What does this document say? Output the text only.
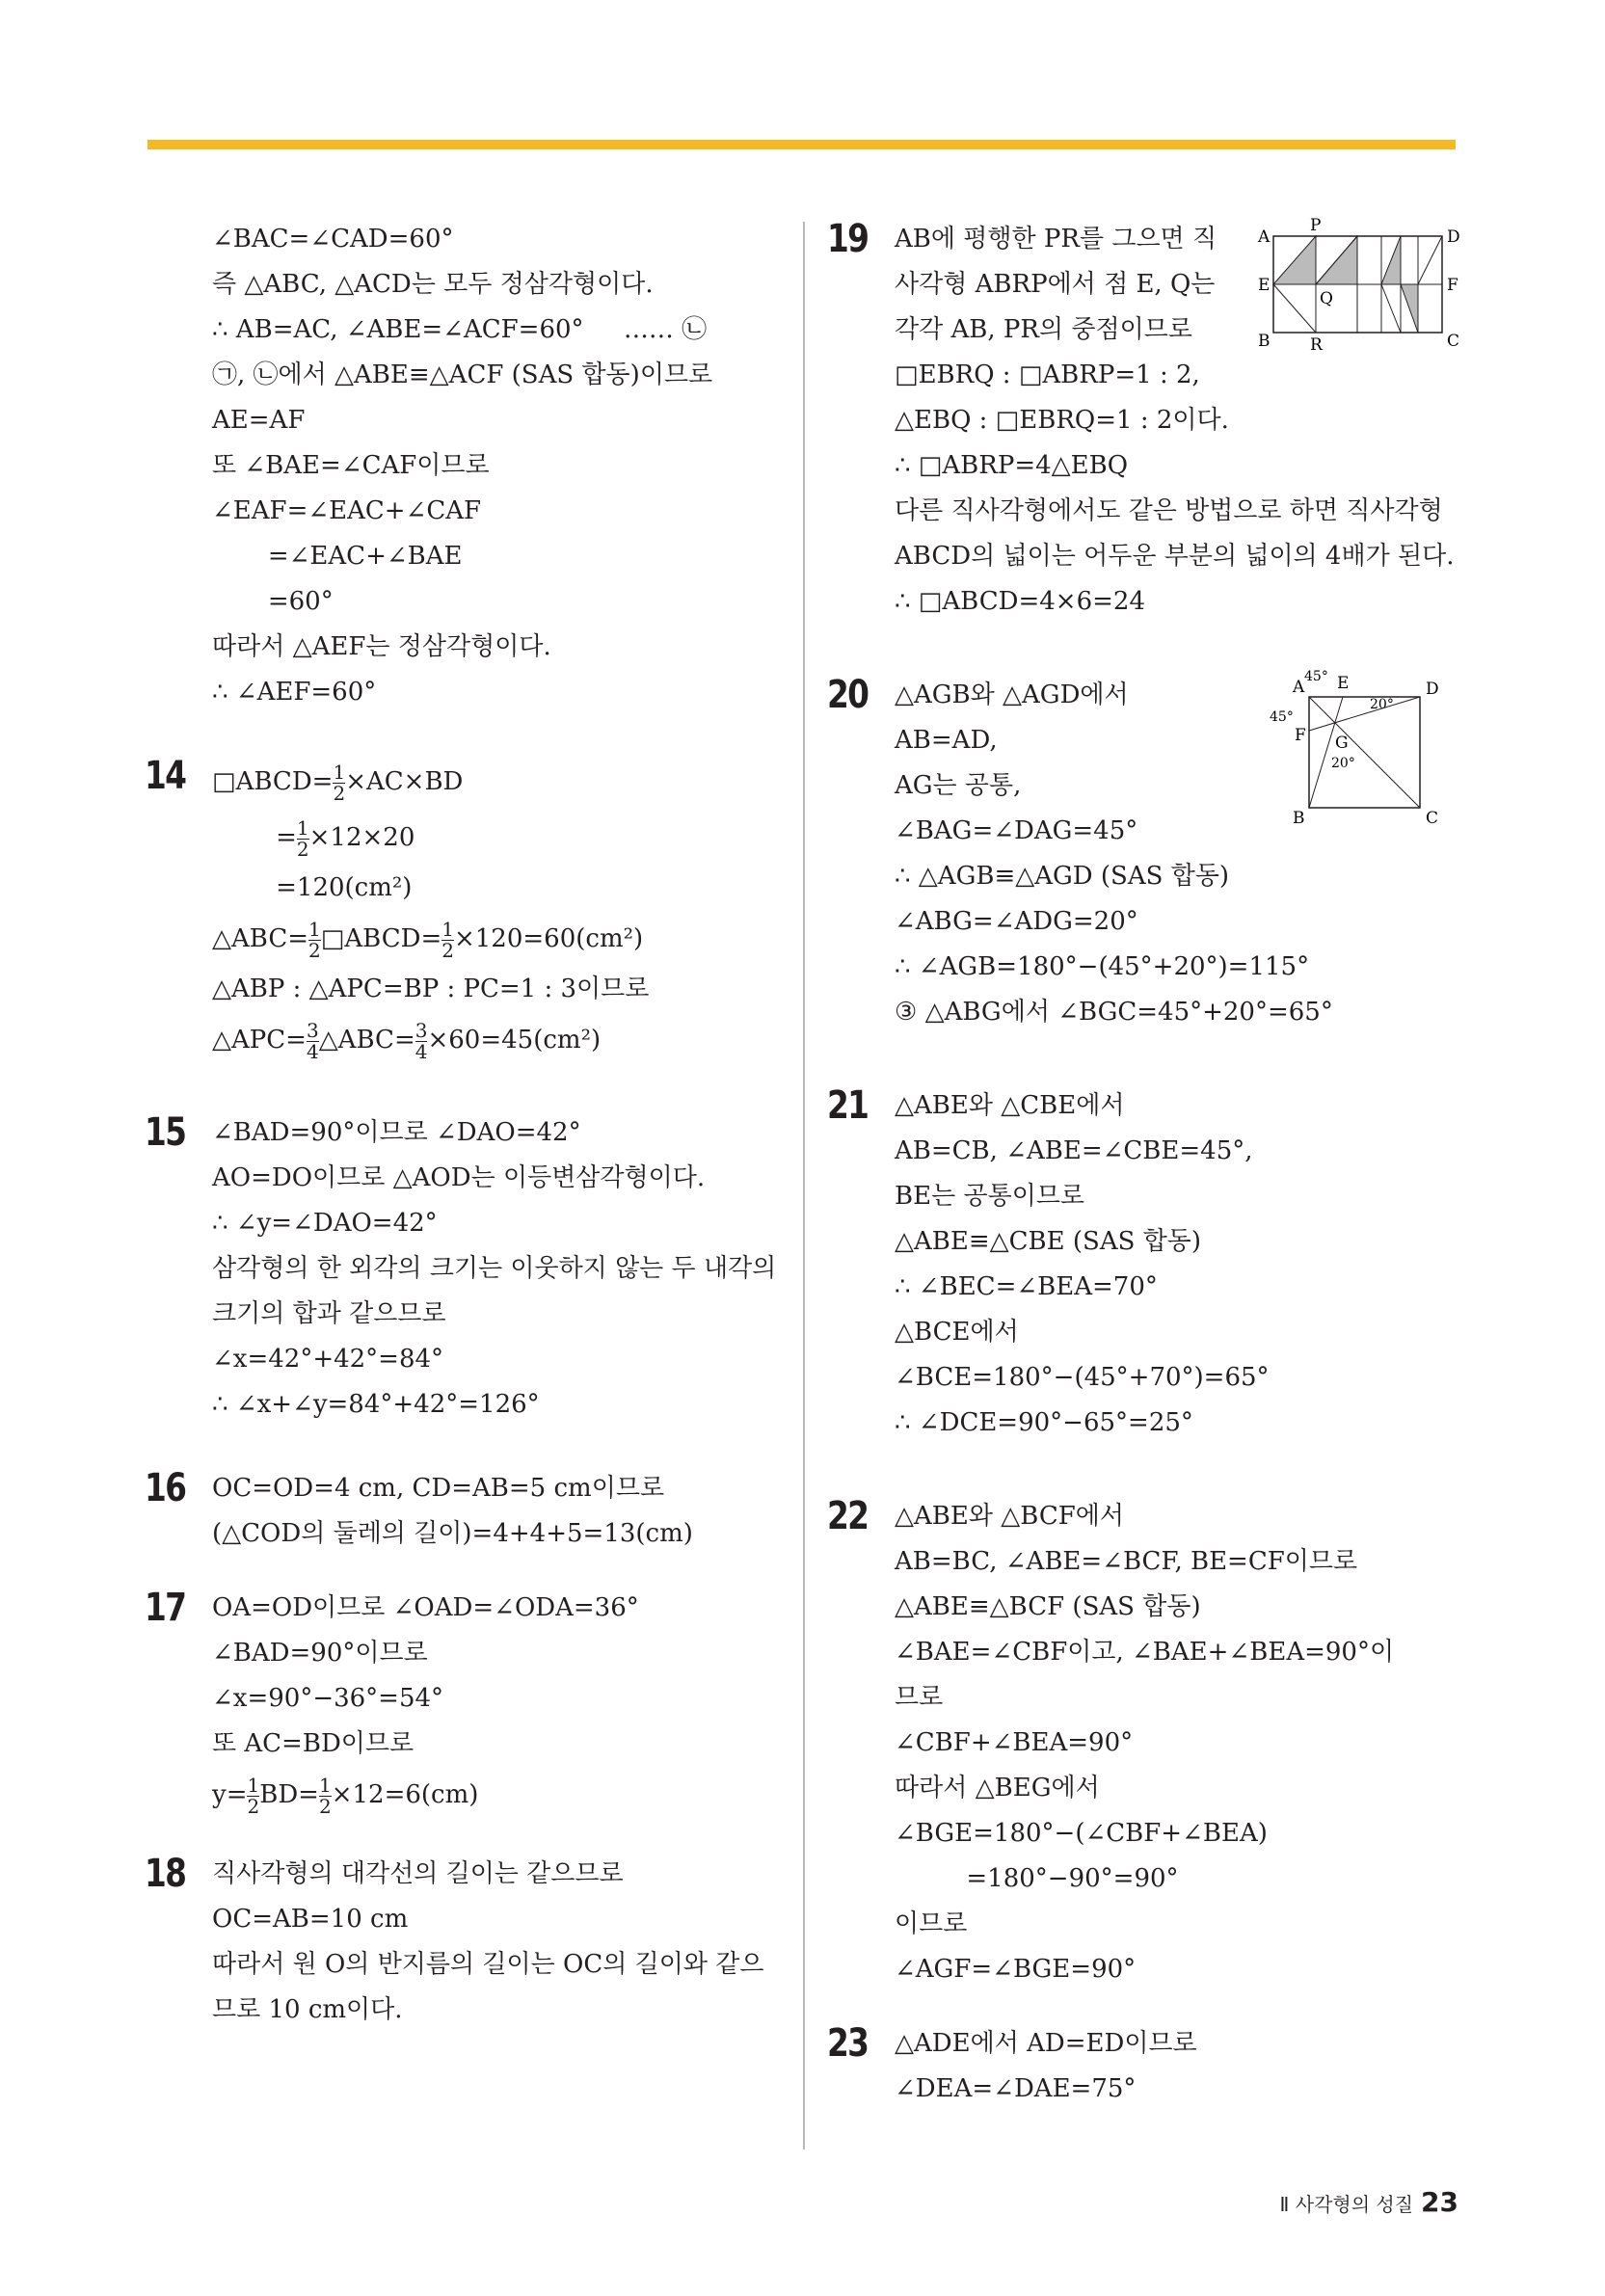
∠BAC=∠CAD=60°
즉 △ABC, △ACD는 모두 정삼각형이다.
∴ AB=AC, ∠ABE=∠ACF=60°     …… ㉡
㉠, ㉡에서 △ABE≡△ACF (SAS 합동)이므로
AE=AF
또 ∠BAE=∠CAF이므로
∠EAF=∠EAC+∠CAF
=∠EAC+∠BAE
=60°
따라서 △AEF는 정삼각형이다.
∴ ∠AEF=60°
14 □ABCD= $\frac{1}{2} \times AC\times BD$
= $\frac{1}{2} \times 12\times 20$
=120(cm²)
△ABC= $\frac{1}{2}$ □ABCD= $\frac{1}{2} \times 120=60(cm^2)$
△ABP : △APC=BP : PC=1 : 3이므로
△APC= $\frac{3}{4}$ △ABC= $\frac{3}{4} \times 60=45(cm^2)$
15 ∠BAD=90°이므로 ∠DAO=42°
AO=DO이므로 △AOD는 이등변삼각형이다.
∴ ∠y=∠DAO=42°
삼각형의 한 외각의 크기는 이웃하지 않는 두 내각의
크기의 합과 같으므로
∠x=42°+42°=84°
∴ ∠x+∠y=84°+42°=126°
16 OC=OD=4 cm, CD=AB=5 cm이므로
(△COD의 둘레의 길이)=4+4+5=13(cm)
17 OA=OD이므로 ∠OAD=∠ODA=36°
∠BAD=90°이므로
∠x=90°−36°=54°
또 AC=BD이므로
$y= \frac{1}{2} BD= \frac{1}{2} \times 12=6(cm)$
18 직사각형의 대각선의 길이는 같으므로
OC=AB=10 cm
따라서 원 O의 반지름의 길이는 OC의 길이와 같으
므로 10 cm이다.
19 AB에 평행한 PR를 그으면 직
사각형 ABRP에서 점 E, Q는
각각 AB, PR의 중점이므로
□EBRQ : □ABRP=1 : 2,
△EBQ : □EBRQ=1 : 2이다.
∴ □ABRP=4△EBQ
다른 직사각형에서도 같은 방법으로 하면 직사각형
ABCD의 넓이는 어두운 부분의 넓이의 4배가 된다.
∴ □ABCD=4×6=24
A
P
D
E
Q
F
B R	C
20 △AGB와 △AGD에서
AB=AD,
AG는 공통,
∠BAG=∠DAG=45°
∴ △AGB≡△AGD (SAS 합동)
∠ABG=∠ADG=20°
∴ ∠AGB=180°−(45°+20°)=115°
③ △ABG에서 ∠BGC=45°+20°=65°
45° E
A	D
20°
45°
F G
20°
B	C
21 △ABE와 △CBE에서
AB=CB, ∠ABE=∠CBE=45°,
BE는 공통이므로
△ABE≡△CBE (SAS 합동)
∴ ∠BEC=∠BEA=70°
△BCE에서
∠BCE=180°−(45°+70°)=65°
∴ ∠DCE=90°−65°=25°
22 △ABE와 △BCF에서
AB=BC, ∠ABE=∠BCF, BE=CF이므로
△ABE≡△BCF (SAS 합동)
∠BAE=∠CBF이고, ∠BAE+∠BEA=90°이
므로
∠CBF+∠BEA=90°
따라서 △BEG에서
∠BGE=180°−(∠CBF+∠BEA)
=180°−90°=90°
이므로
∠AGF=∠BGE=90°
23 △ADE에서 AD=ED이므로
∠DEA=∠DAE=75°
Ⅱ 사각형의 성질 23
